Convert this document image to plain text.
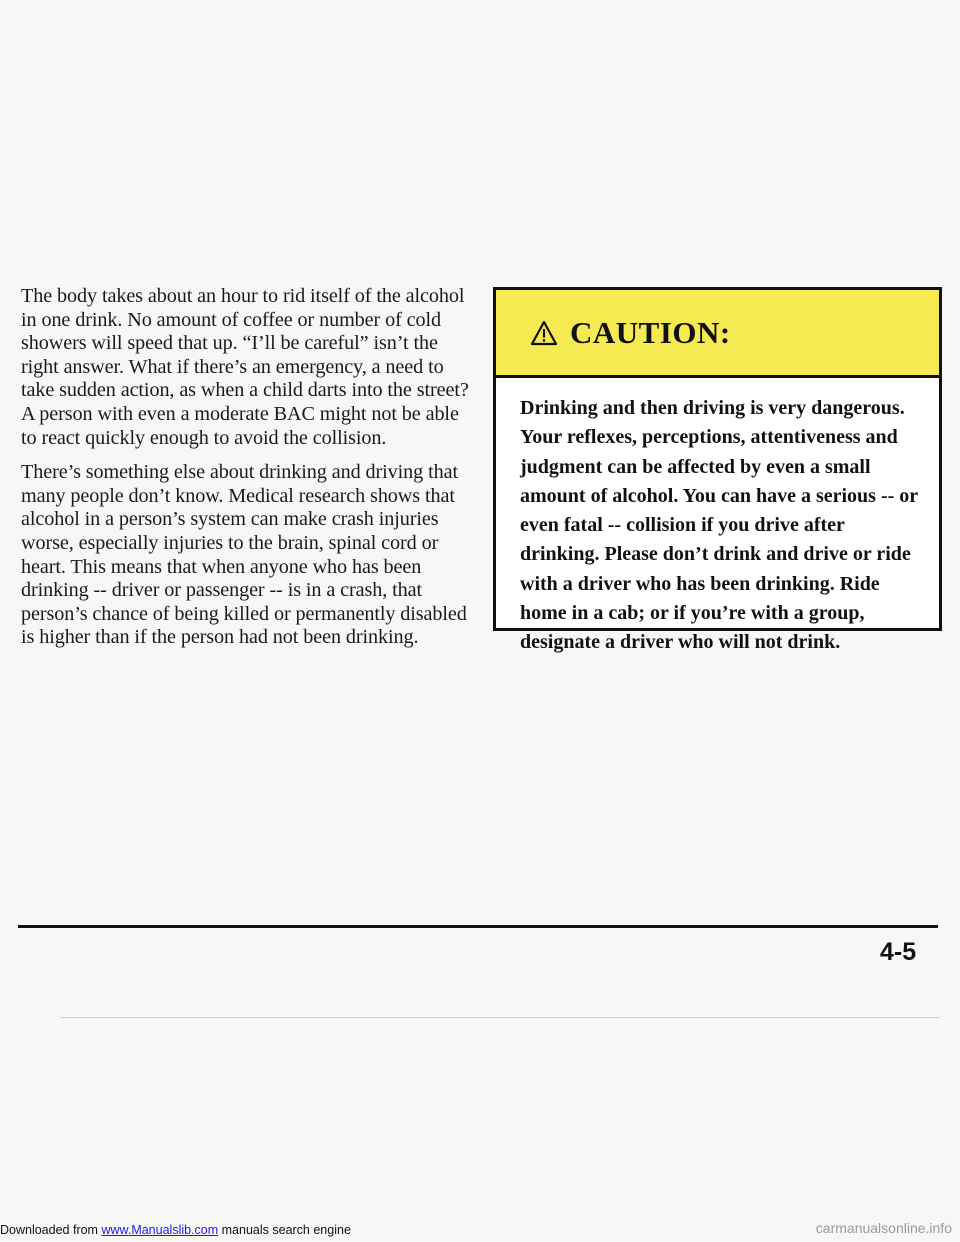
The body takes about an hour to rid itself of the alcohol in one drink. No amount of coffee or number of cold showers will speed that up. “I’ll be careful” isn’t the right answer. What if there’s an emergency, a need to take sudden action, as when a child darts into the street? A person with even a moderate BAC might not be able to react quickly enough to avoid the collision.

There’s something else about drinking and driving that many people don’t know. Medical research shows that alcohol in a person’s system can make crash injuries worse, especially injuries to the brain, spinal cord or heart. This means that when anyone who has been drinking -- driver or passenger -- is in a crash, that person’s chance of being killed or permanently disabled is higher than if the person had not been drinking.

CAUTION:
Drinking and then driving is very dangerous. Your reflexes, perceptions, attentiveness and judgment can be affected by even a small amount of alcohol. You can have a serious -- or even fatal -- collision if you drive after drinking. Please don’t drink and drive or ride with a driver who has been drinking. Ride home in a cab; or if you’re with a group, designate a driver who will not drink.
4-5
Downloaded from www.Manualslib.com manuals search engine	carmanualsonline.info
